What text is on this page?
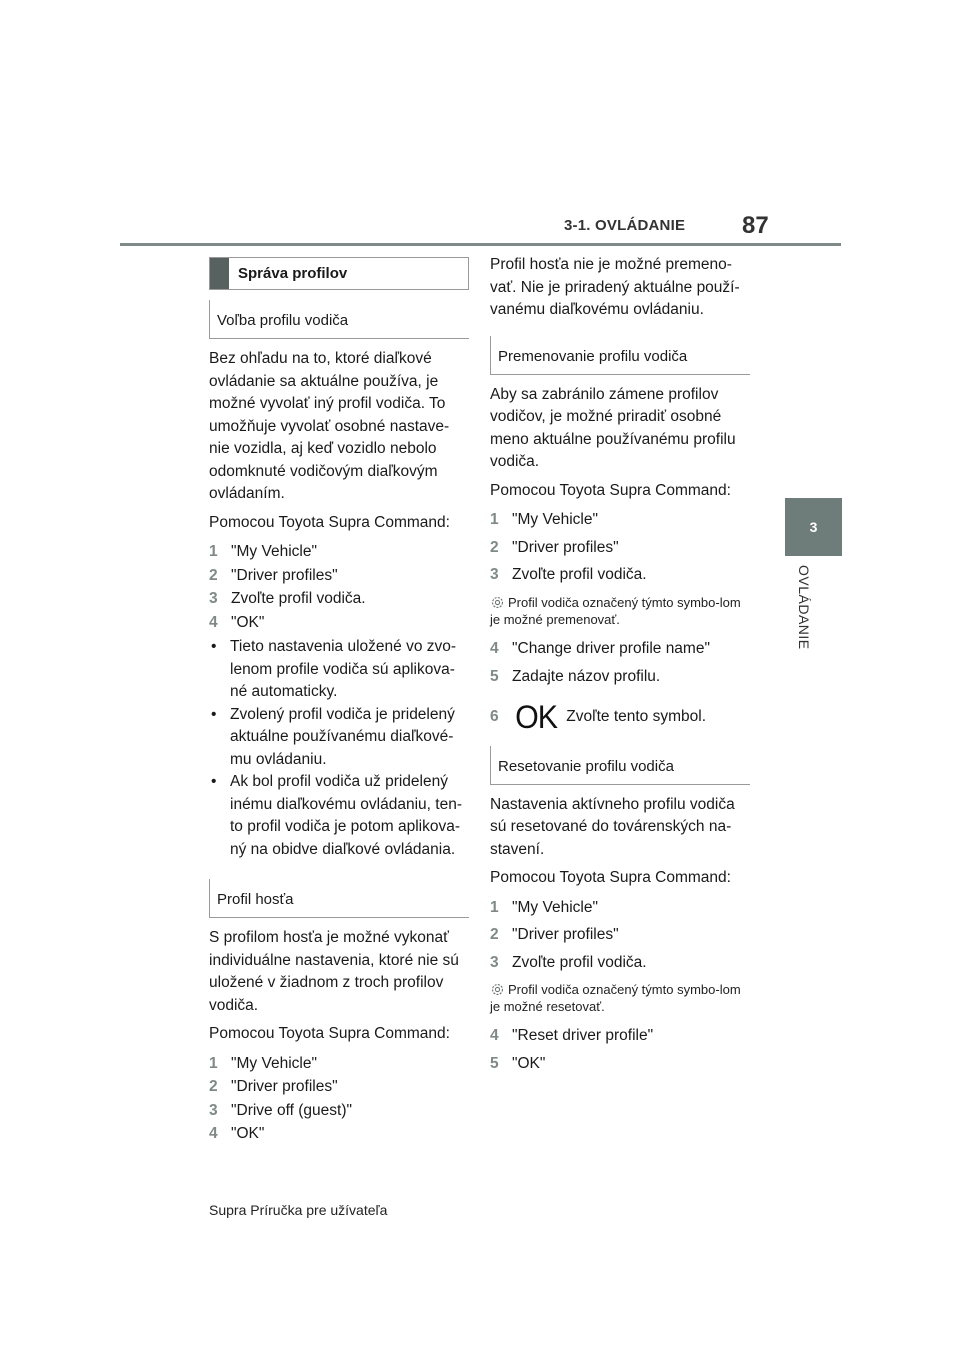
3-1. OVLÁDANIE 87
3
OVLÁDANIE
Správa profilov
Voľba profilu vodiča

Bez ohľadu na to, ktoré diaľkové ovládanie sa aktuálne používa, je možné vyvolať iný profil vodiča. To umožňuje vyvolať osobné nastave-nie vozidla, aj keď vozidlo nebolo odomknuté vodičovým diaľkovým ovládaním.

Pomocou Toyota Supra Command:

1 "My Vehicle"
2 "Driver profiles"
3 Zvoľte profil vodiča.
4 "OK"
• Tieto nastavenia uložené vo zvo-lenom profile vodiča sú aplikova-né automaticky.
• Zvolený profil vodiča je pridelený aktuálne používanému diaľkové-mu ovládaniu.
• Ak bol profil vodiča už pridelený inému diaľkovému ovládaniu, ten-to profil vodiča je potom aplikova-ný na obidve diaľkové ovládania.
Profil hosťa

S profilom hosťa je možné vykonať individuálne nastavenia, ktoré nie sú uložené v žiadnom z troch profilov vodiča.

Pomocou Toyota Supra Command:

1 "My Vehicle"
2 "Driver profiles"
3 "Drive off (guest)"
4 "OK"

Profil hosťa nie je možné premeno-vať. Nie je priradený aktuálne použí-vanému diaľkovému ovládaniu.

Premenovanie profilu vodiča

Aby sa zabránilo zámene profilov vodičov, je možné priradiť osobné meno aktuálne používanému profilu vodiča.

Pomocou Toyota Supra Command:

1 "My Vehicle"
2 "Driver profiles"
3 Zvoľte profil vodiča.
Profil vodiča označený týmto symbo-lom je možné premenovať.
4 "Change driver profile name"
5 Zadajte názov profilu.
6 OK Zvoľte tento symbol.
Resetovanie profilu vodiča

Nastavenia aktívneho profilu vodiča sú resetované do továrenských na-stavení.

Pomocou Toyota Supra Command:

1 "My Vehicle"
2 "Driver profiles"
3 Zvoľte profil vodiča.
Profil vodiča označený týmto symbo-lom je možné resetovať.
4 "Reset driver profile"
5 "OK"
Supra Príručka pre užívateľa
